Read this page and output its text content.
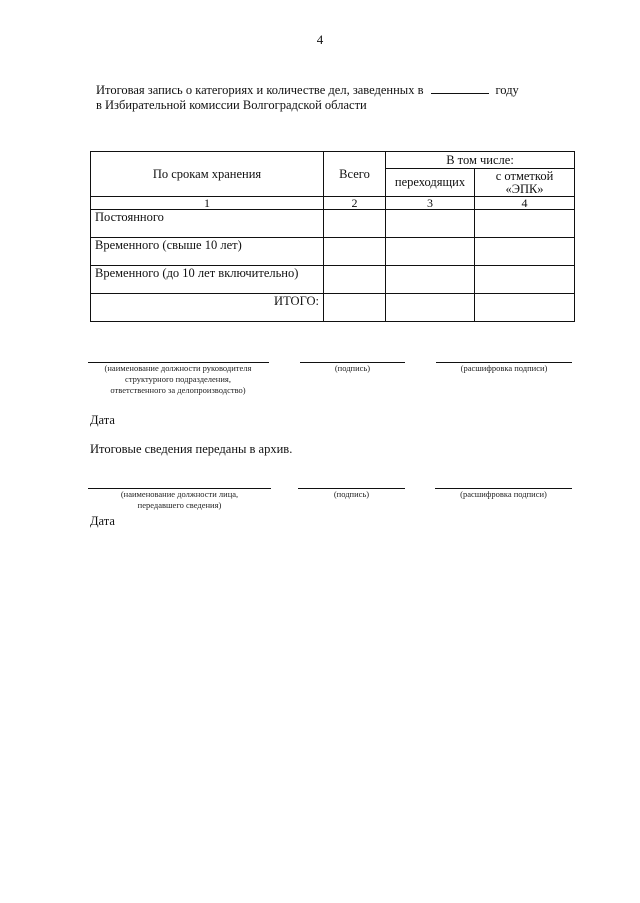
4
Итоговая запись о категориях и количестве дел, заведенных в	году
в Избирательной комиссии Волгоградской области
По срокам хранения	Всего	В том числе:	
		переходящих	с отметкой
«ЭПК»

1	2	3	4
Постоянного			
Временного (свыше 10 лет)			
Временного (до 10 лет включительно)			
ИТОГО:			
(наименование должности руководителя
структурного подразделения,
ответственного за делопроизводство)
(подпись)	(расшифровка подписи)
Дата
Итоговые сведения переданы в архив.
(наименование должности лица,
передавшего сведения)
(подпись)	(расшифровка подписи)
Дата
